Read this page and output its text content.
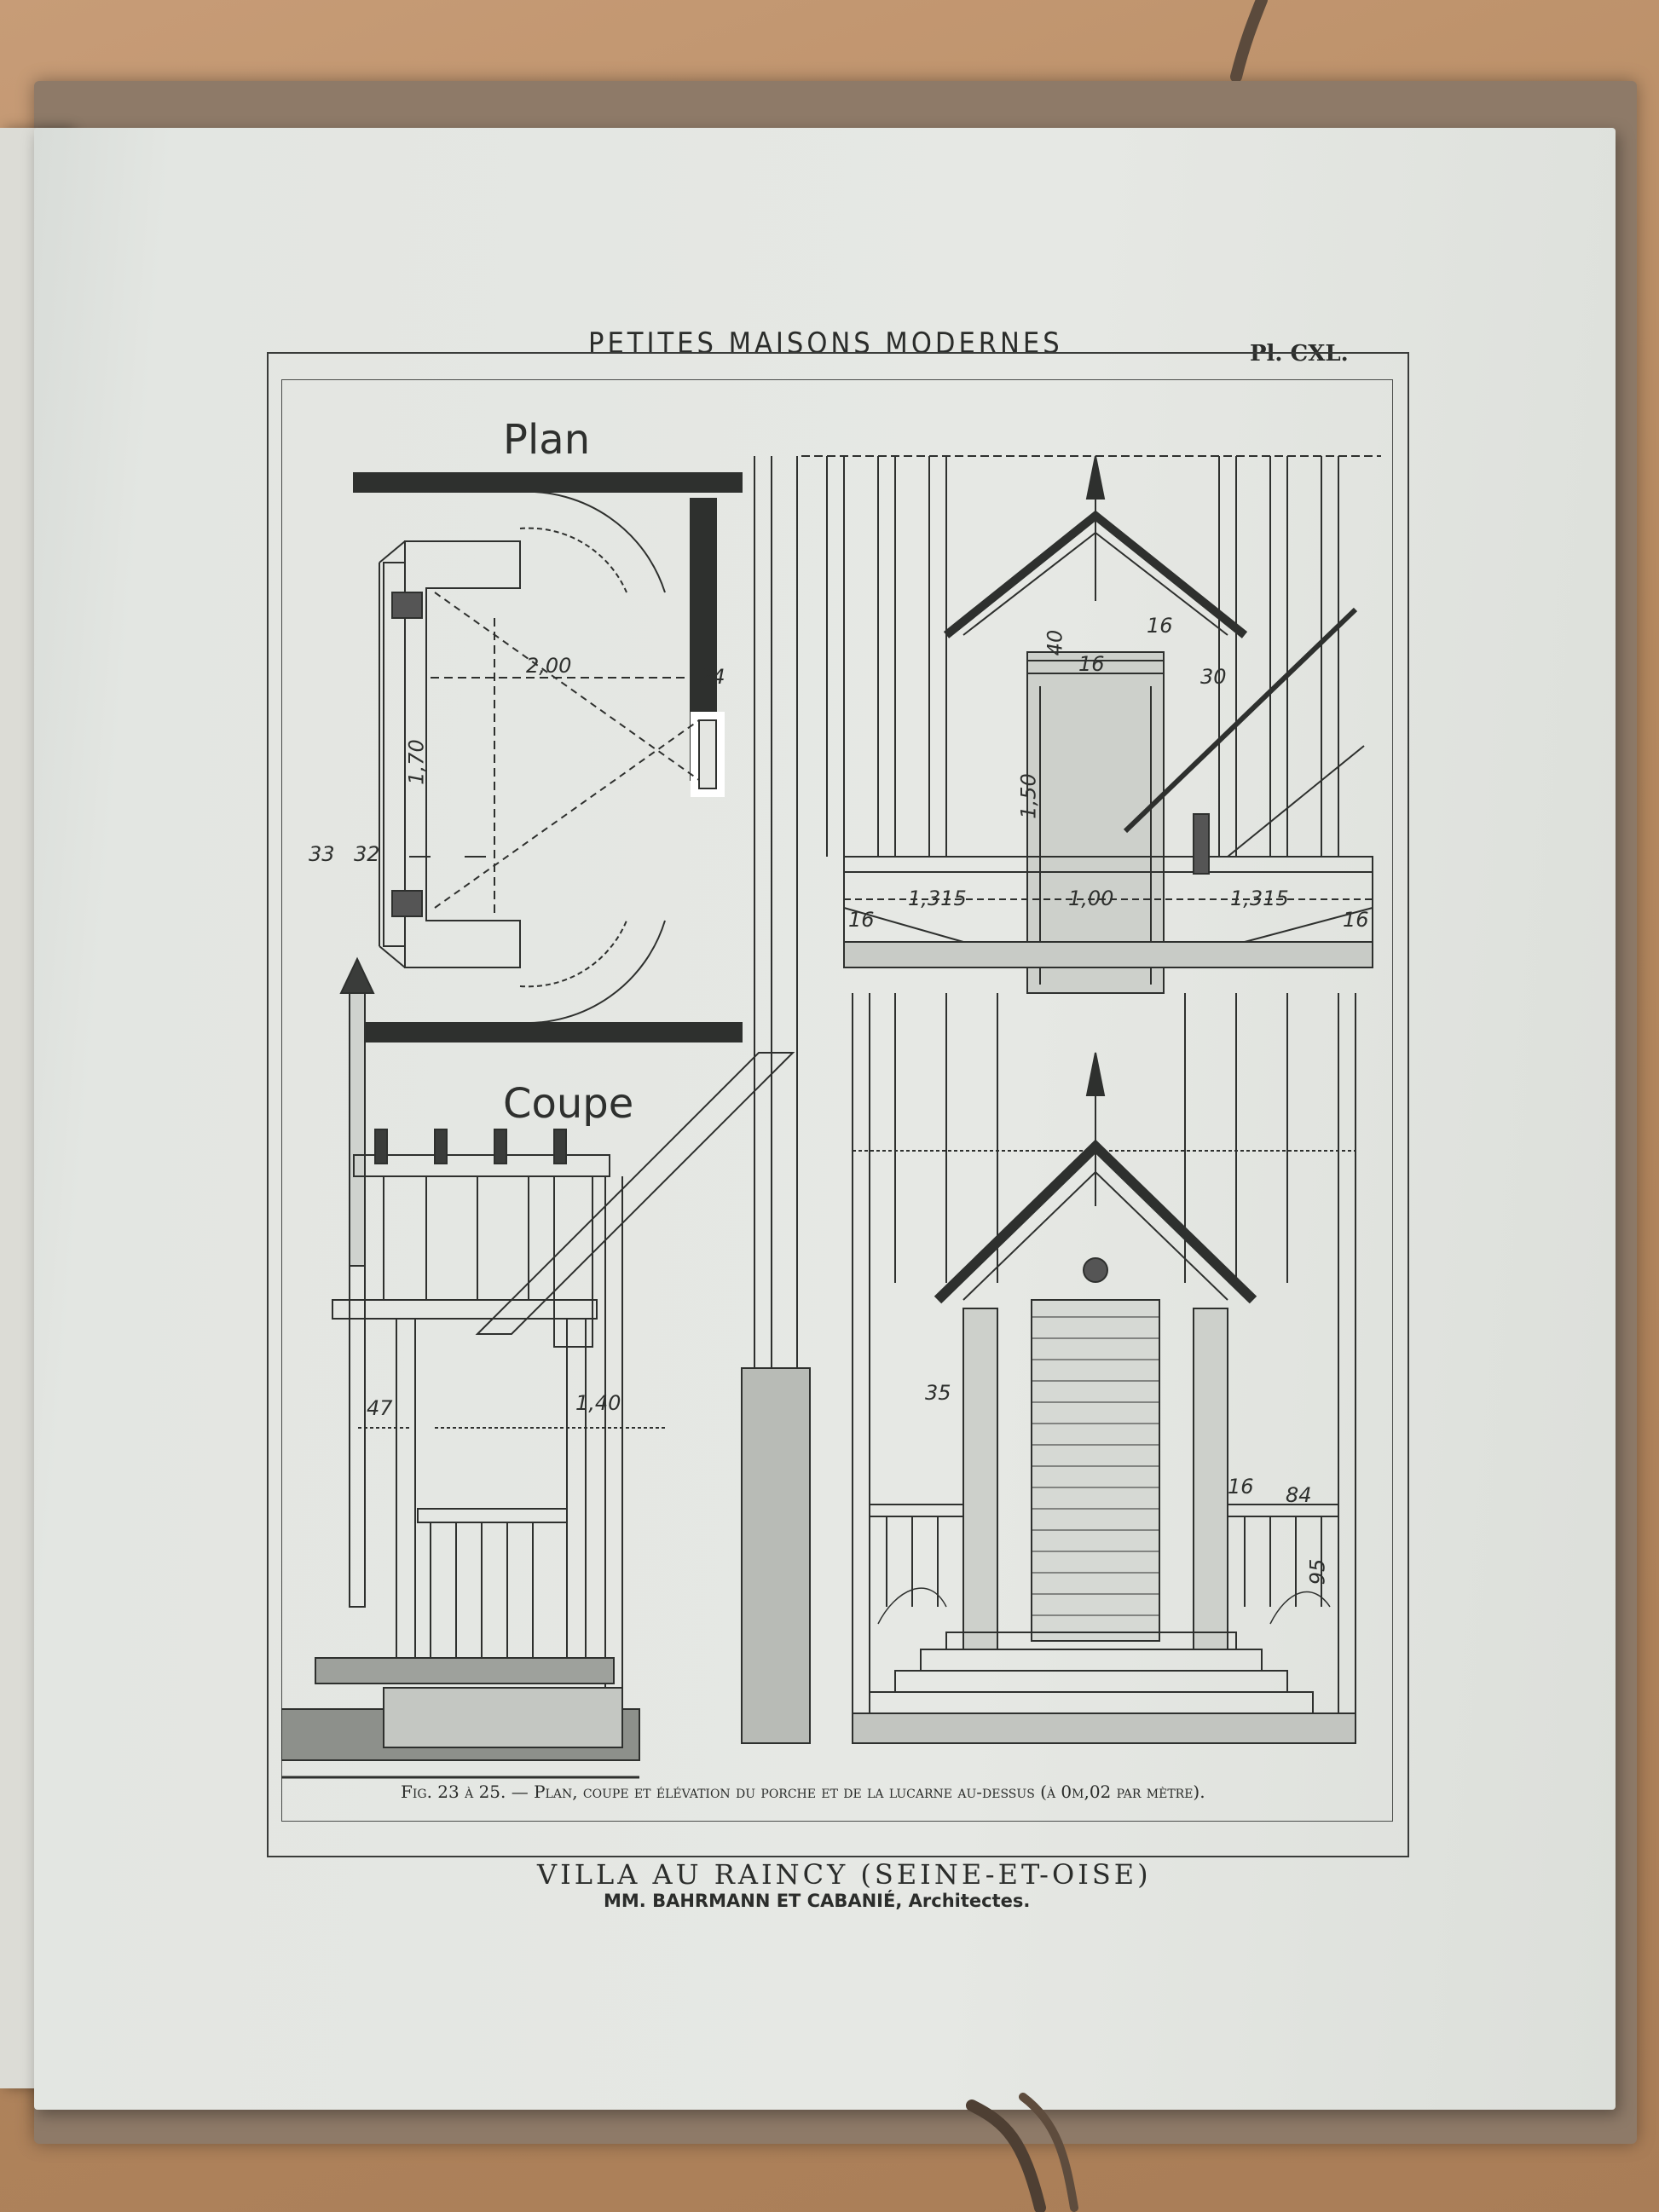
PETITES MAISONS MODERNES	Pl. CXL.
Plan
Coupe
2,00	24
1,70
33 32
47	1,40
40
16
16
30
1,50
1,315	1,00	1,315
16	16
35
16 84
95
Fig. 23 à 25. — Plan, coupe et élévation du porche et de la lucarne au-dessus (à 0m,02 par mètre).
VILLA AU RAINCY (SEINE-ET-OISE)
MM. BAHRMANN ET CABANIÉ, Architectes.
